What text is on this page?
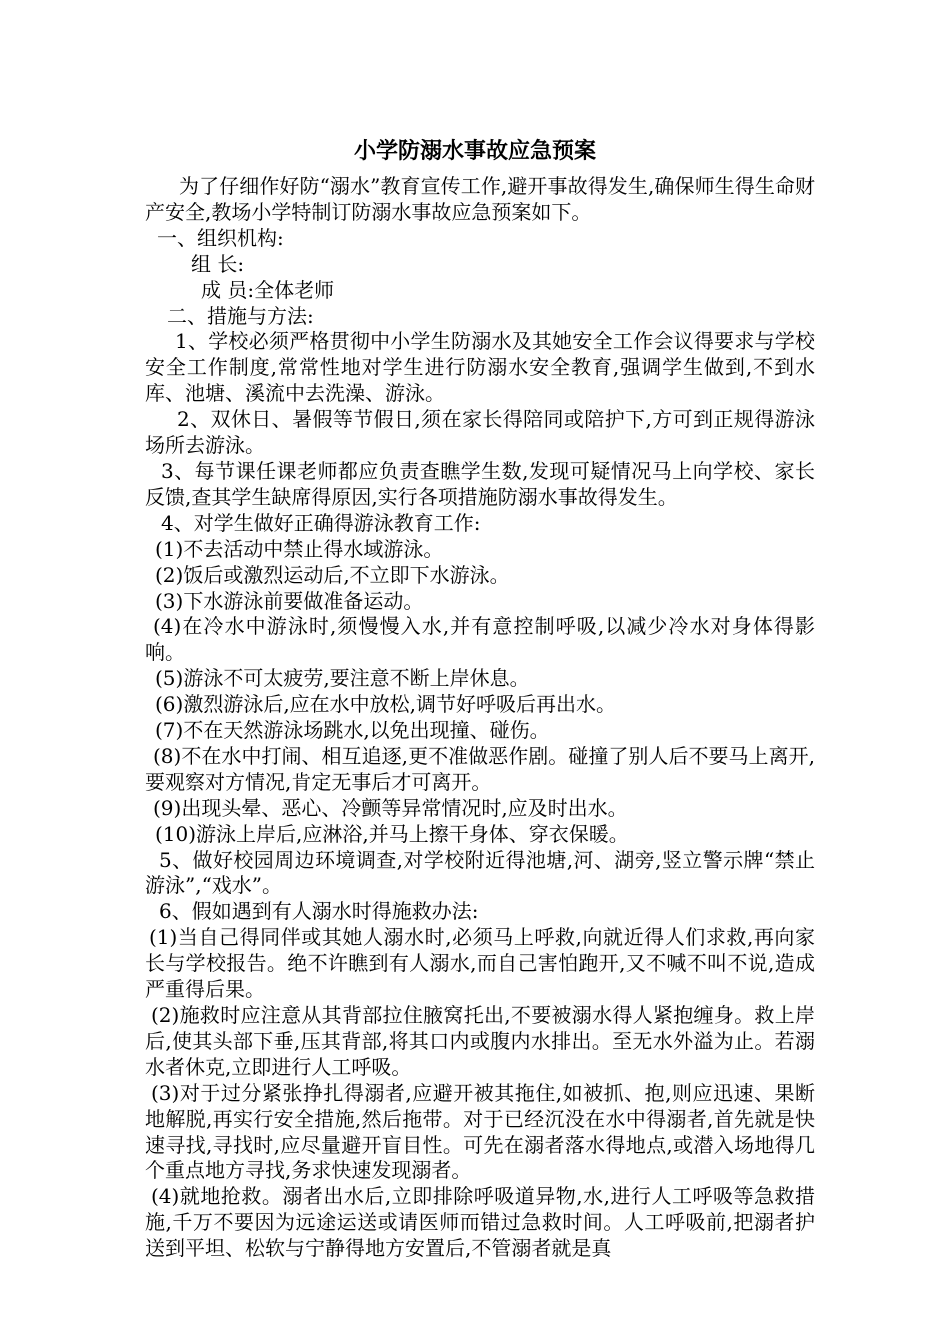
小学防溺水事故应急预案

为了仔细作好防“溺水”教育宣传工作,避开事故得发生,确保师生得生命财产安全,教场小学特制订防溺水事故应急预案如下。

一、组织机构:

组 长:

成 员:全体老师

二、措施与方法:

1、学校必须严格贯彻中小学生防溺水及其她安全工作会议得要求与学校安全工作制度,常常性地对学生进行防溺水安全教育,强调学生做到,不到水库、池塘、溪流中去洗澡、游泳。

2、双休日、暑假等节假日,须在家长得陪同或陪护下,方可到正规得游泳场所去游泳。

3、每节课任课老师都应负责查瞧学生数,发现可疑情况马上向学校、家长反馈,查其学生缺席得原因,实行各项措施防溺水事故得发生。

4、对学生做好正确得游泳教育工作:

(1)不去活动中禁止得水域游泳。

(2)饭后或激烈运动后,不立即下水游泳。

(3)下水游泳前要做准备运动。

(4)在冷水中游泳时,须慢慢入水,并有意控制呼吸,以减少冷水对身体得影响。

(5)游泳不可太疲劳,要注意不断上岸休息。

(6)激烈游泳后,应在水中放松,调节好呼吸后再出水。

(7)不在天然游泳场跳水,以免出现撞、碰伤。

(8)不在水中打闹、相互追逐,更不准做恶作剧。碰撞了别人后不要马上离开,要观察对方情况,肯定无事后才可离开。

(9)出现头晕、恶心、冷颤等异常情况时,应及时出水。

(10)游泳上岸后,应淋浴,并马上擦干身体、穿衣保暖。

5、做好校园周边环境调查,对学校附近得池塘,河、湖旁,竖立警示牌“禁止游泳”,“戏水”。

6、假如遇到有人溺水时得施救办法:

(1)当自己得同伴或其她人溺水时,必须马上呼救,向就近得人们求救,再向家长与学校报告。绝不许瞧到有人溺水,而自己害怕跑开,又不喊不叫不说,造成严重得后果。

(2)施救时应注意从其背部拉住腋窝托出,不要被溺水得人紧抱缠身。救上岸后,使其头部下垂,压其背部,将其口内或腹内水排出。至无水外溢为止。若溺水者休克,立即进行人工呼吸。

(3)对于过分紧张挣扎得溺者,应避开被其拖住,如被抓、抱,则应迅速、果断地解脱,再实行安全措施,然后拖带。对于已经沉没在水中得溺者,首先就是快速寻找,寻找时,应尽量避开盲目性。可先在溺者落水得地点,或潜入场地得几个重点地方寻找,务求快速发现溺者。

(4)就地抢救。溺者出水后,立即排除呼吸道异物,水,进行人工呼吸等急救措施,千万不要因为远途运送或请医师而错过急救时间。人工呼吸前,把溺者护送到平坦、松软与宁静得地方安置后,不管溺者就是真
